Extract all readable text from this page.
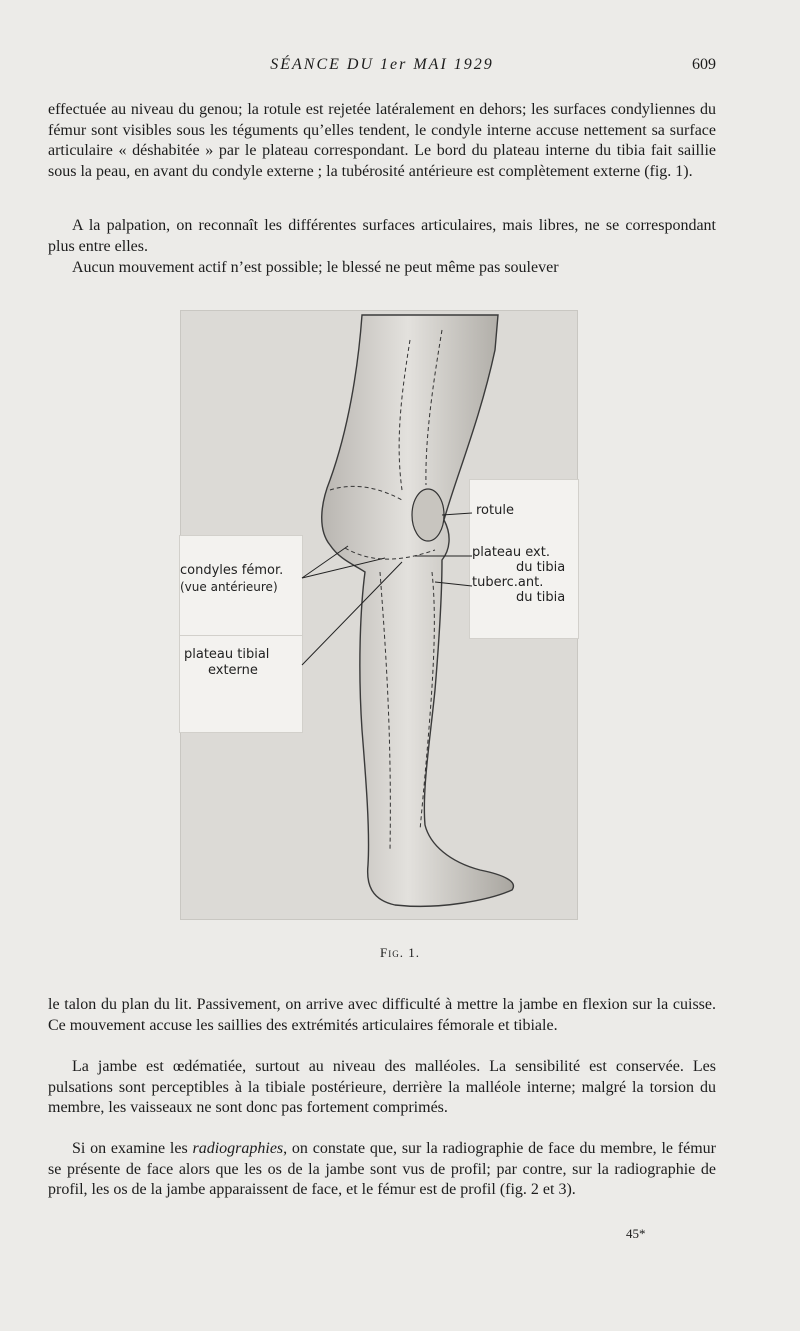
SÉANCE DU 1er MAI 1929	609

effectuée au niveau du genou; la rotule est rejetée latéralement en dehors; les surfaces condyliennes du fémur sont visibles sous les téguments qu’elles tendent, le condyle interne accuse nettement sa surface articulaire « déshabitée » par le plateau correspondant. Le bord du plateau interne du tibia fait saillie sous la peau, en avant du condyle externe ; la tubérosité antérieure est complètement externe (fig. 1).

A la palpation, on reconnaît les différentes surfaces articulaires, mais libres, ne se correspondant plus entre elles.

Aucun mouvement actif n’est possible; le blessé ne peut même pas soulever

rotule
plateau ext.
du tibia
tuberc.ant.
du tibia
condyles fémor.
(vue antérieure)
plateau tibial
externe
Fig. 1.

le talon du plan du lit. Passivement, on arrive avec difficulté à mettre la jambe en flexion sur la cuisse. Ce mouvement accuse les saillies des extrémités articulaires fémorale et tibiale.

La jambe est œdématiée, surtout au niveau des malléoles. La sensibilité est conservée. Les pulsations sont perceptibles à la tibiale postérieure, derrière la malléole interne; malgré la torsion du membre, les vaisseaux ne sont donc pas fortement comprimés.

Si on examine les radiographies, on constate que, sur la radiographie de face du membre, le fémur se présente de face alors que les os de la jambe sont vus de profil; par contre, sur la radiographie de profil, les os de la jambe apparaissent de face, et le fémur est de profil (fig. 2 et 3).

45*
